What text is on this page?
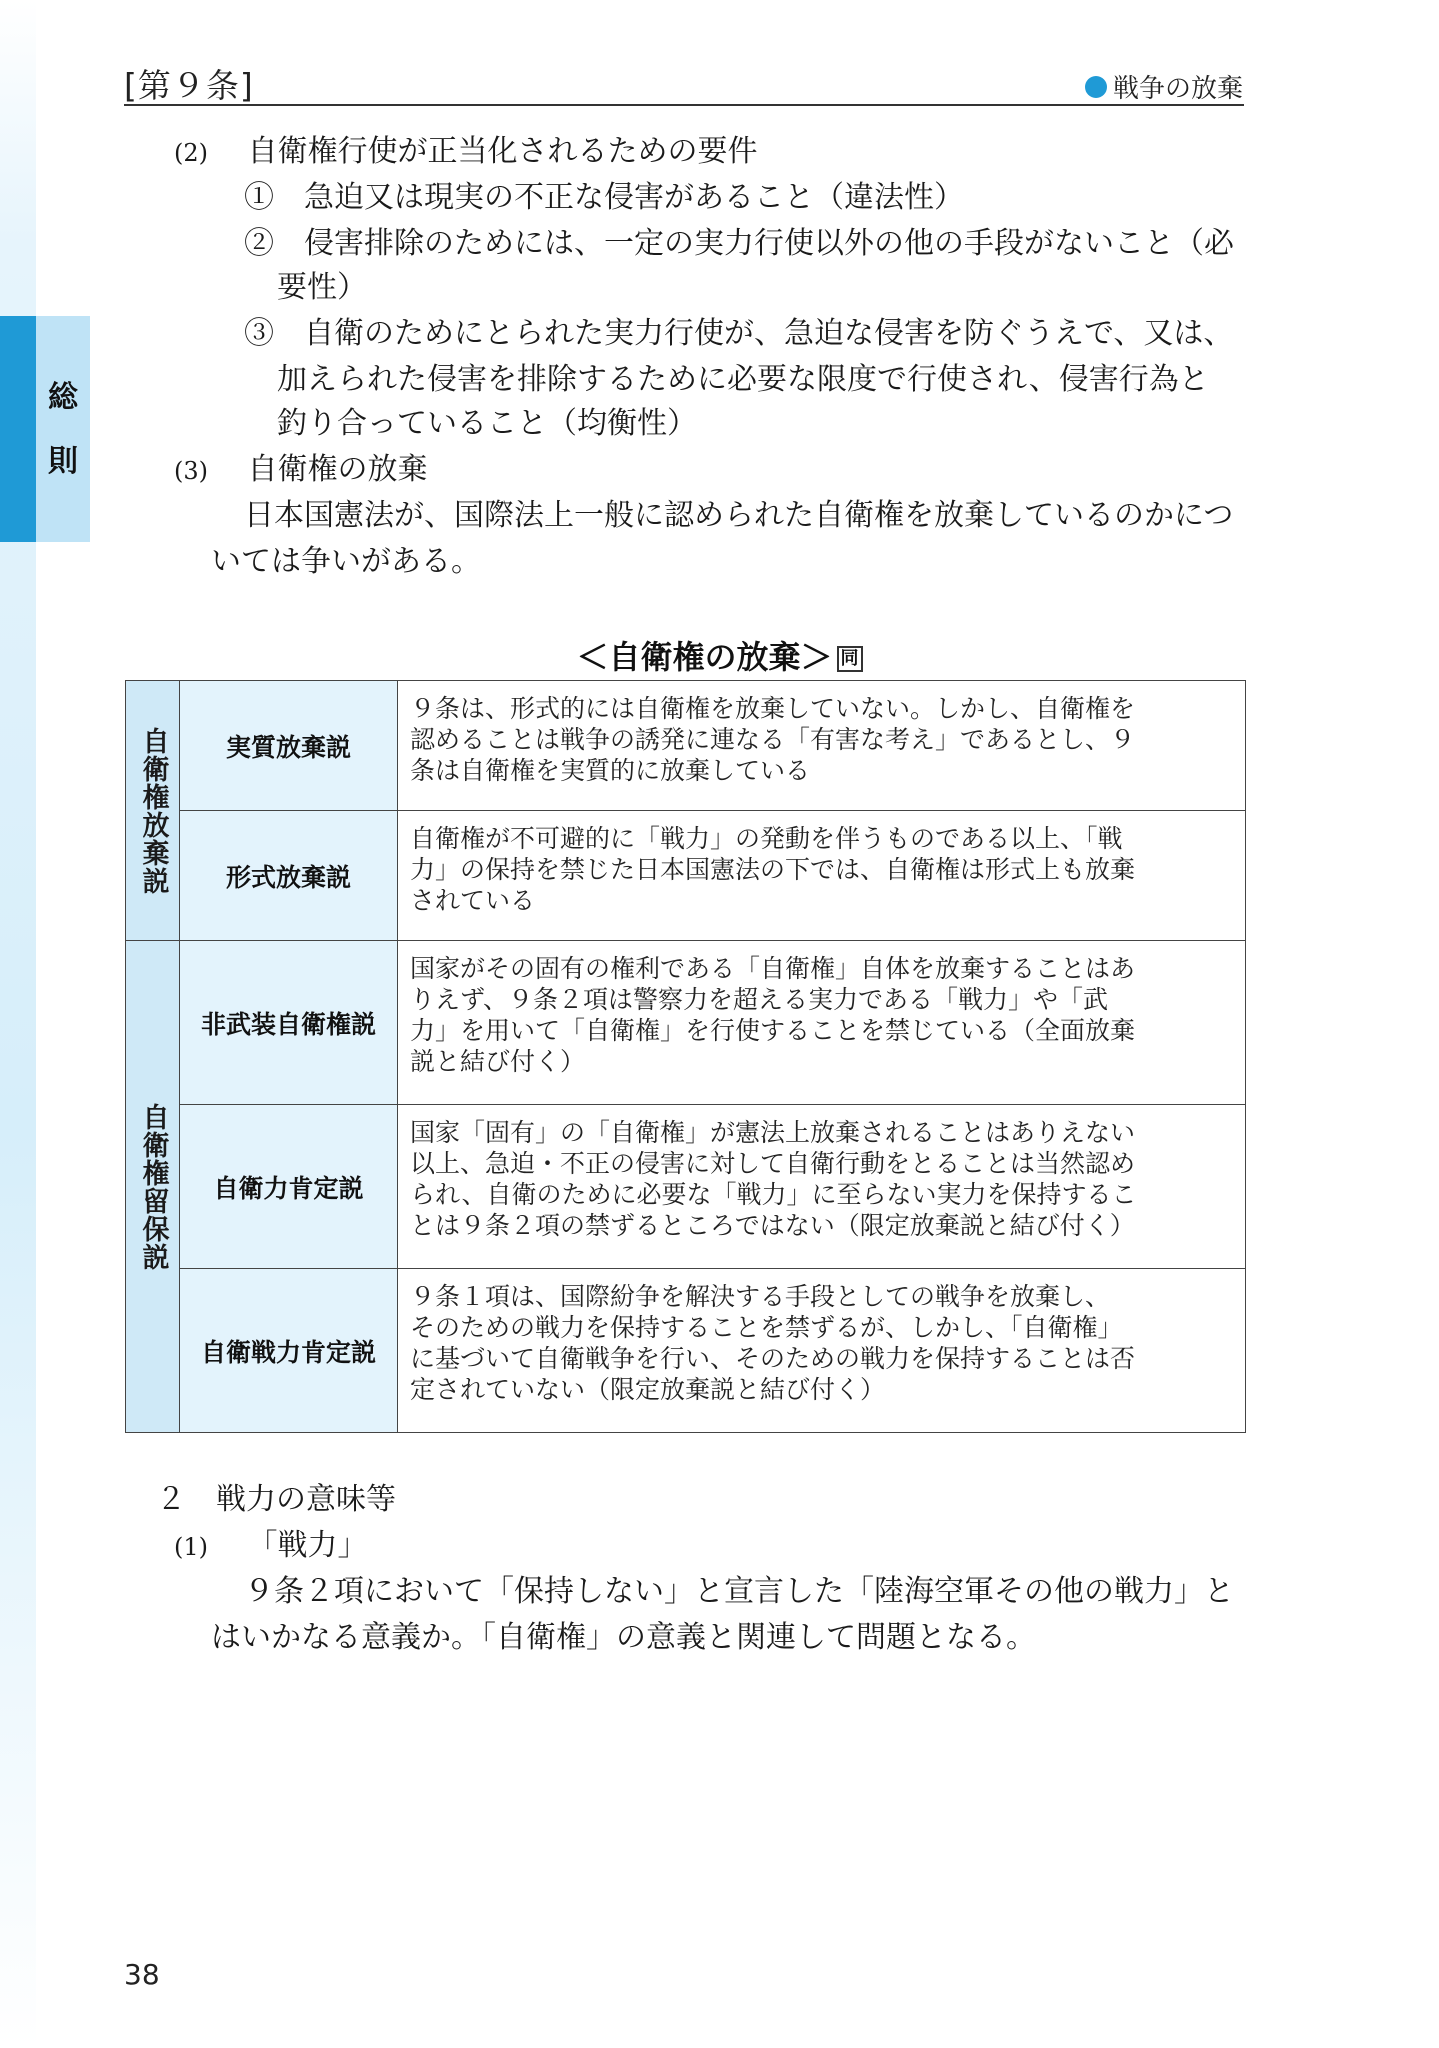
総
則
[第９条]	戦争の放棄
(2) 自衛権行使が正当化されるための要件
①　急迫又は現実の不正な侵害があること（違法性）
②　侵害排除のためには、一定の実力行使以外の他の手段がないこと（必
要性）
③　自衛のためにとられた実力行使が、急迫な侵害を防ぐうえで、又は、
加えられた侵害を排除するために必要な限度で行使され、侵害行為と
釣り合っていること（均衡性）
(3) 自衛権の放棄
日本国憲法が、国際法上一般に認められた自衛権を放棄しているのかにつ
いては争いがある。
＜自衛権の放棄＞ 同
自衛権放棄説	実質放棄説	９条は、形式的には自衛権を放棄していない。しかし、自衛権を
認めることは戦争の誘発に連なる「有害な考え」であるとし、９
条は自衛権を実質的に放棄している

	形式放棄説	自衛権が不可避的に「戦力」の発動を伴うものである以上、「戦
力」の保持を禁じた日本国憲法の下では、自衛権は形式上も放棄
されている

自衛権留保説	非武装自衛権説	国家がその固有の権利である「自衛権」自体を放棄することはあ
りえず、９条２項は警察力を超える実力である「戦力」や「武
力」を用いて「自衛権」を行使することを禁じている（全面放棄
説と結び付く）

	自衛力肯定説	国家「固有」の「自衛権」が憲法上放棄されることはありえない
以上、急迫・不正の侵害に対して自衛行動をとることは当然認め
られ、自衛のために必要な「戦力」に至らない実力を保持するこ
とは９条２項の禁ずるところではない（限定放棄説と結び付く）

	自衛戦力肯定説	９条１項は、国際紛争を解決する手段としての戦争を放棄し、
そのための戦力を保持することを禁ずるが、しかし、「自衛権」
に基づいて自衛戦争を行い、そのための戦力を保持することは否
定されていない（限定放棄説と結び付く）
２　戦力の意味等
(1) 「戦力」
９条２項において「保持しない」と宣言した「陸海空軍その他の戦力」と
はいかなる意義か。「自衛権」の意義と関連して問題となる。
38
